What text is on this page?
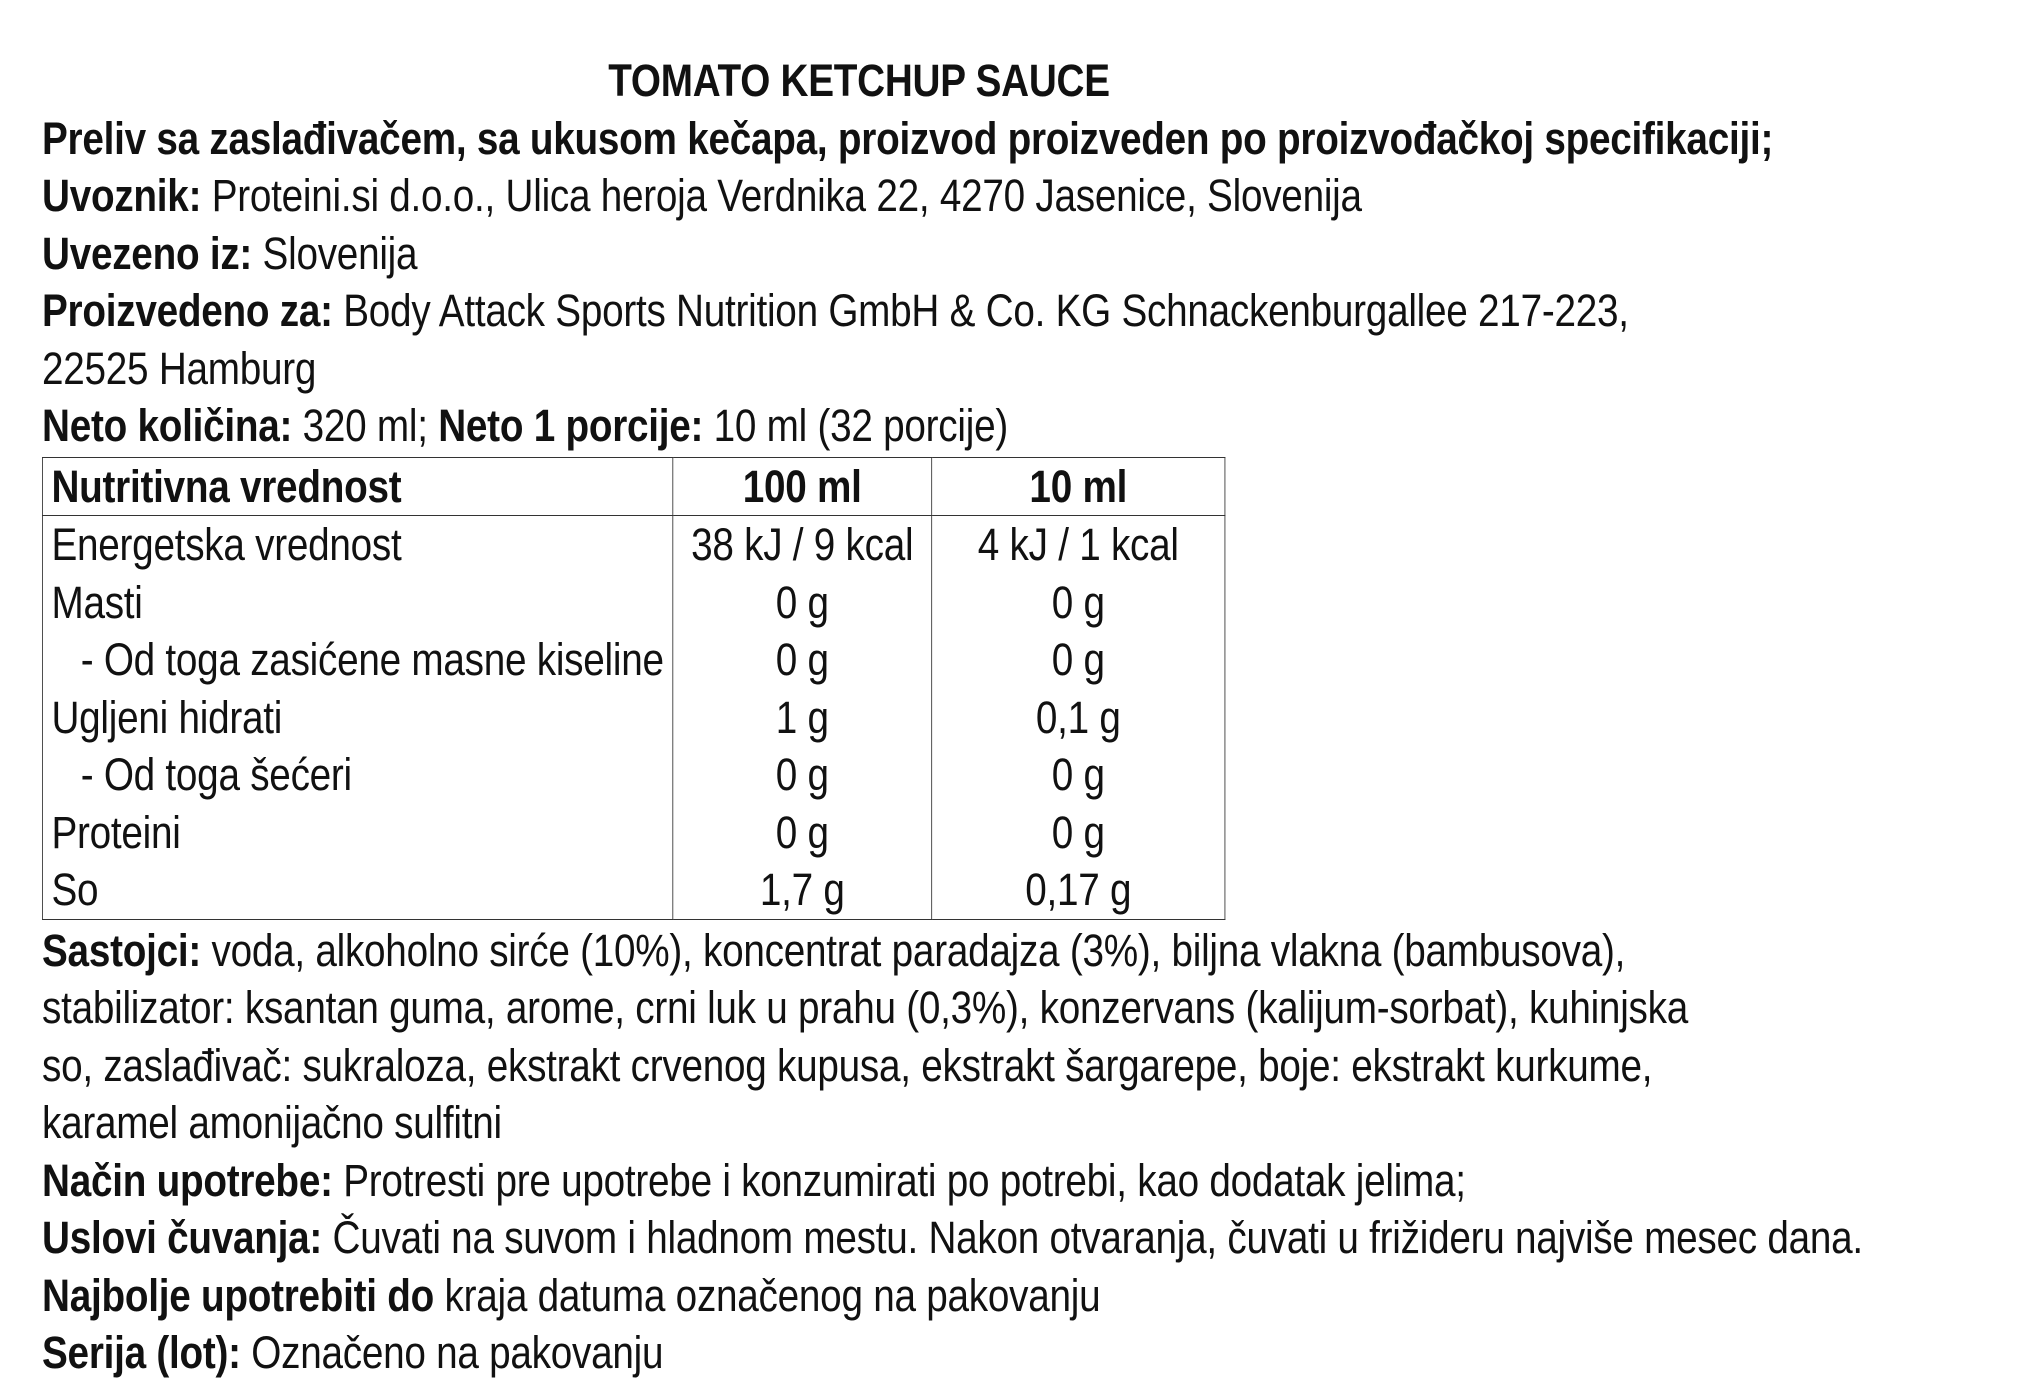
TOMATO KETCHUP SAUCE
Preliv sa zaslađivačem, sa ukusom kečapa, proizvod proizveden po proizvođačkoj specifikaciji;
Uvoznik: Proteini.si d.o.o., Ulica heroja Verdnika 22, 4270 Jasenice, Slovenija
Uvezeno iz: Slovenija
Proizvedeno za: Body Attack Sports Nutrition GmbH & Co. KG Schnackenburgallee 217-223, 22525 Hamburg
Neto količina: 320 ml; Neto 1 porcije: 10 ml (32 porcije)
Nutritivna vrednost	100 ml	10 ml
Energetska vrednost	38 kJ / 9 kcal	4 kJ / 1 kcal
Masti	0 g	0 g
- Od toga zasićene masne kiseline	0 g	0 g
Ugljeni hidrati	1 g	0,1 g
- Od toga šećeri	0 g	0 g
Proteini	0 g	0 g
So	1,7 g	0,17 g
Sastojci: voda, alkoholno sirće (10%), koncentrat paradajza (3%), biljna vlakna (bambusova), stabilizator: ksantan guma, arome, crni luk u prahu (0,3%), konzervans (kalijum-sorbat), kuhinjska so, zaslađivač: sukraloza, ekstrakt crvenog kupusa, ekstrakt šargarepe, boje: ekstrakt kurkume, karamel amonijačno sulfitni
Način upotrebe: Protresti pre upotrebe i konzumirati po potrebi, kao dodatak jelima;
Uslovi čuvanja: Čuvati na suvom i hladnom mestu. Nakon otvaranja, čuvati u frižideru najviše mesec dana.
Najbolje upotrebiti do kraja datuma označenog na pakovanju
Serija (lot): Označeno na pakovanju
